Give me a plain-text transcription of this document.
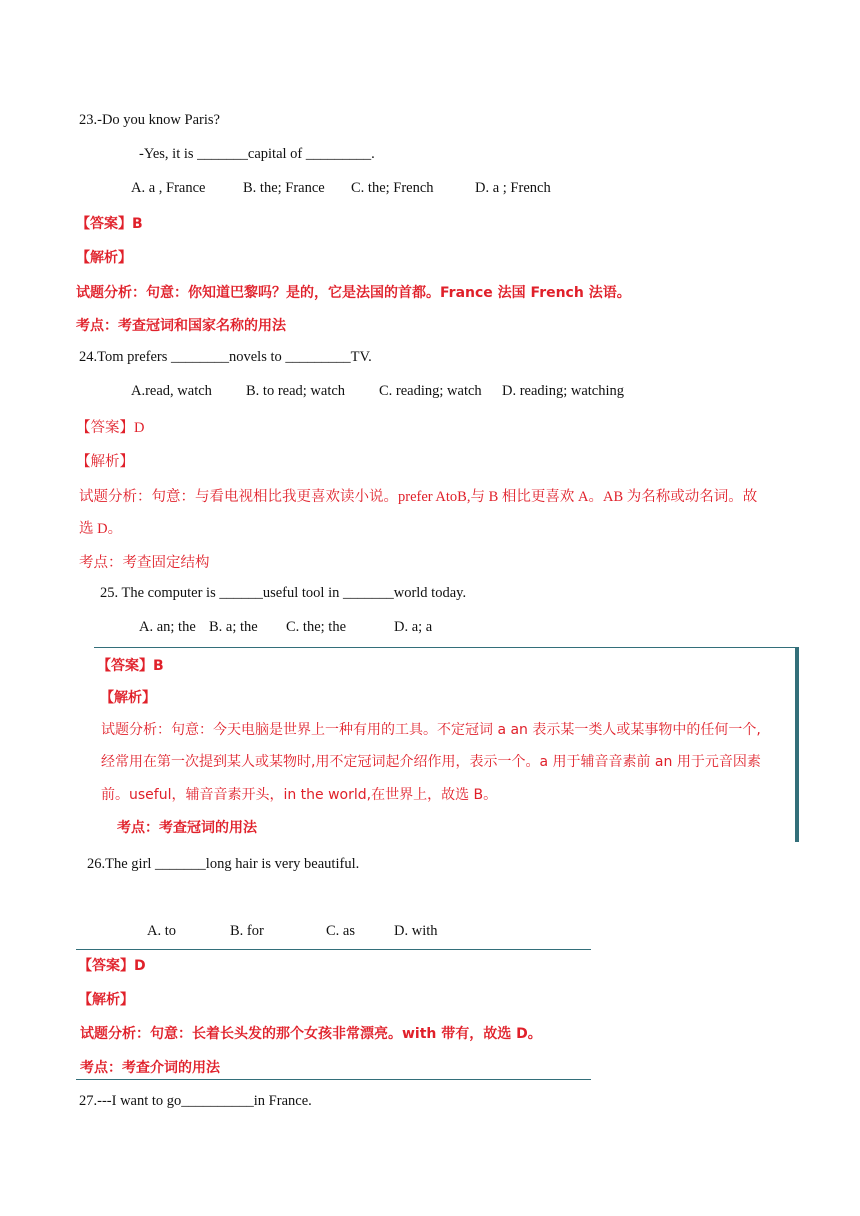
23.-Do you know Paris?
-Yes, it is _______capital of _________.
A. a , France	B. the; France C. the; French	D. a ; French
【答案】B
【解析】
试题分析：句意：你知道巴黎吗？是的，它是法国的首都。France 法国 French 法语。
考点：考查冠词和国家名称的用法
24.Tom prefers ________novels to _________TV.
A.read, watch B. to read; watch C. reading; watch D. reading; watching
【答案】D
【解析】
试题分析：句意：与看电视相比我更喜欢读小说。prefer AtoB,与 B 相比更喜欢 A。AB 为名称或动名词。故
选 D。
考点：考查固定结构
25. The computer is ______useful tool in _______world today.
A. an; the B. a; the C. the; the	D. a; a
【答案】B
【解析】
试题分析：句意：今天电脑是世界上一种有用的工具。不定冠词 a an 表示某一类人或某事物中的任何一个,
经常用在第一次提到某人或某物时,用不定冠词起介绍作用，表示一个。a 用于辅音音素前 an 用于元音因素
前。useful，辅音音素开头，in the world,在世界上，故选 B。
考点：考查冠词的用法
26.The girl _______long hair is very beautiful.
A. to	B. for	C. as	D. with
【答案】D
【解析】
试题分析：句意：长着长头发的那个女孩非常漂亮。with 带有，故选 D。
考点：考查介词的用法
27.---I want to go__________in France.
